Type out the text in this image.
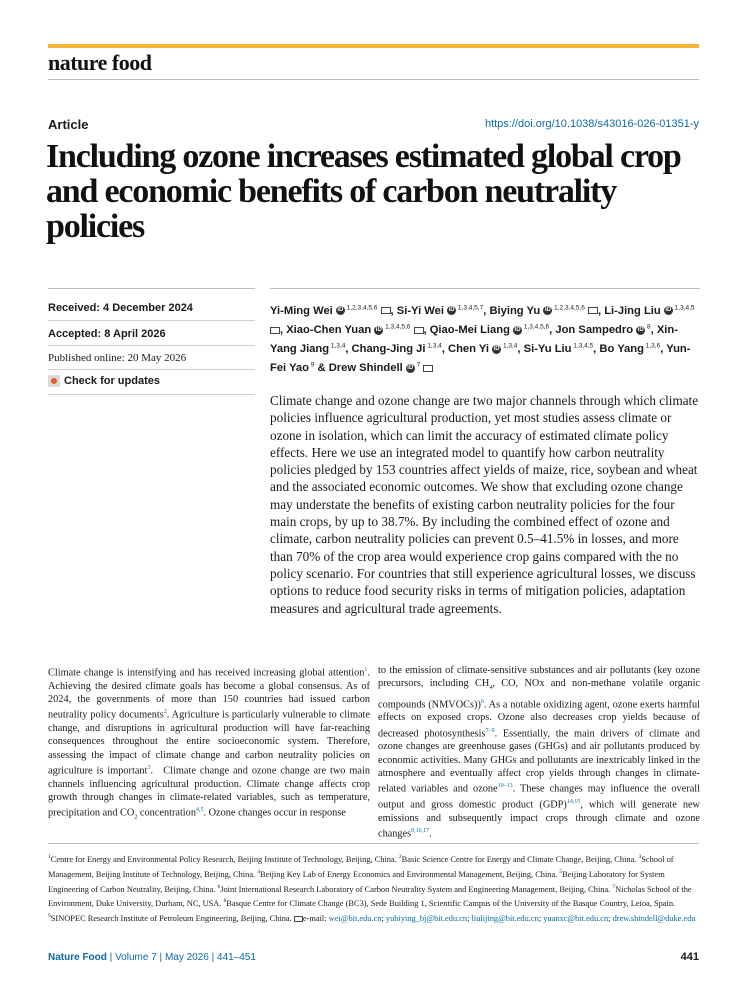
nature food
Article	https://doi.org/10.1038/s43016-026-01351-y
Including ozone increases estimated global crop and economic benefits of carbon neutrality policies
Received: 4 December 2024
Accepted: 8 April 2026
Published online: 20 May 2026
Check for updates
Yi-Ming Wei iD $^{1,2,3,4,5,6}$ , Si-Yi Wei iD $^{1,3,4,5,7}$, Biying Yu iD $^{1,2,3,4,5,6}$ , Li-Jing Liu iD $^{1,3,4,5}$ , Xiao-Chen Yuan iD $^{1,3,4,5,6}$ , Qiao-Mei Liang iD $^{1,3,4,5,6}$, Jon Sampedro iD $^8$, Xin-Yang Jiang $^{1,3,4}$, Chang-Jing Ji $^{1,3,4}$, Chen Yi iD $^{1,3,4}$, Si-Yu Liu $^{1,3,4,5}$, Bo Yang $^{1,3,6}$, Yun-Fei Yao $^9$ & Drew Shindell iD $^7$

Climate change and ozone change are two major channels through which climate policies influence agricultural production, yet most studies assess climate or ozone in isolation, which can limit the accuracy of estimated climate policy effects. Here we use an integrated model to quantify how carbon neutrality policies pledged by 153 countries affect yields of maize, rice, soybean and wheat and the associated economic outcomes. We show that excluding ozone change may understate the benefits of existing carbon neutrality policies for the four main crops, by up to 38.7%. By including the combined effect of ozone and climate, carbon neutrality policies can prevent 0.5–41.5% in losses, and more than 70% of the crop area would experience crop gains compared with the no policy scenario. For countries that still experience agricultural losses, we discuss options to reduce food security risks in terms of mitigation policies, adaptation measures and agricultural trade agreements.

Climate change is intensifying and has received increasing global attention$^1$. Achieving the desired climate goals has become a global consensus. As of 2024, the governments of more than 150 countries had issued carbon neutrality policy documents$^2$. Agriculture is particularly vulnerable to climate change, and disruptions in agricultural production will have far-reaching consequences throughout the entire socioeconomic system. Therefore, assessing the impact of climate change and carbon neutrality policies on agriculture is important$^3$. Climate change and ozone change are two main channels influencing agricultural production. Climate change affects crop growth through changes in climate-related variables, such as temperature, precipitation and $CO_2$ concentration$^{4,5}$. Ozone changes occur in response

to the emission of climate-sensitive substances and air pollutants (key ozone precursors, including $CH_4$, CO, NOx and non-methane volatile organic compounds (NMVOCs))$^6$. As a notable oxidizing agent, ozone exerts harmful effects on exposed crops. Ozone also decreases crop yields because of decreased photosynthesis$^{7-9}$. Essentially, the main drivers of climate and ozone changes are greenhouse gases (GHGs) and air pollutants produced by economic activities. Many GHGs and pollutants are inextricably linked in the atmosphere and eventually affect crop yields through changes in climate-related variables and ozone$^{10-13}$. These changes may influence the overall output and gross domestic product (GDP)$^{14,15}$, which will generate new emissions and subsequently impact crops through climate and ozone changes$^{9,16,17}$.

$^1$Centre for Energy and Environmental Policy Research, Beijing Institute of Technology, Beijing, China. $^2$Basic Science Centre for Energy and Climate Change, Beijing, China. $^3$School of Management, Beijing Institute of Technology, Beijing, China. $^4$Beijing Key Lab of Energy Economics and Environmental Management, Beijing, China. $^5$Beijing Laboratory for System Engineering of Carbon Neutrality, Beijing, China. $^6$Joint International Research Laboratory of Carbon Neutrality System and Engineering Management, Beijing, China. $^7$Nicholas School of the Environment, Duke University, Durham, NC, USA. $^8$Basque Centre for Climate Change (BC3), Sede Building 1, Scientific Campus of the University of the Basque Country, Leioa, Spain. $^9$SINOPEC Research Institute of Petroleum Engineering, Beijing, China. e-mail: wei@bit.edu.cn; yubiying_bj@bit.edu.cn; liulijing@bit.edu.cn; yuanxc@bit.edu.cn; drew.shindell@duke.edu

Nature Food | Volume 7 | May 2026 | 441–451	441
